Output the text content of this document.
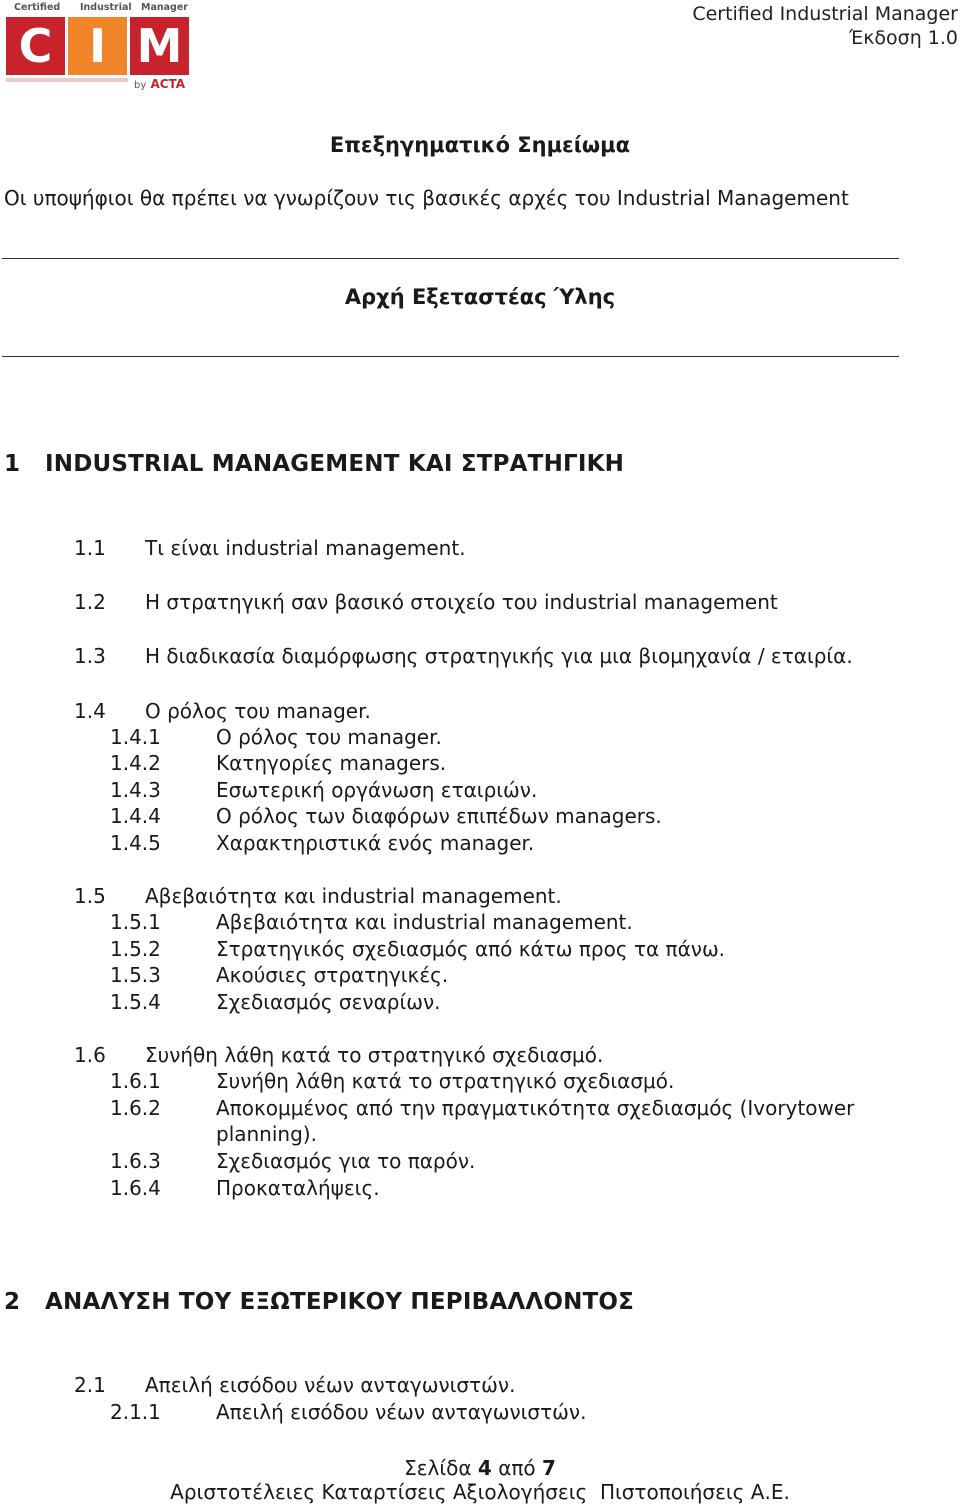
Certified Industrial Manager
C I M
by ACTA
Certified Industrial Manager
Έκδοση 1.0
Επεξηγηματικό Σημείωμα
Οι υποψήφιοι θα πρέπει να γνωρίζουν τις βασικές αρχές του Industrial Management
Αρχή Εξεταστέας Ύλης
1 INDUSTRIAL MANAGEMENT ΚΑΙ ΣΤΡΑΤΗΓΙΚΗ
1.1 Τι είναι industrial management.
1.2 Η στρατηγική σαν βασικό στοιχείο του industrial management
1.3 Η διαδικασία διαμόρφωσης στρατηγικής για μια βιομηχανία / εταιρία.
1.4 Ο ρόλος του manager.
1.4.1	Ο ρόλος του manager.
1.4.2	Κατηγορίες managers.
1.4.3	Εσωτερική οργάνωση εταιριών.
1.4.4	Ο ρόλος των διαφόρων επιπέδων managers.
1.4.5	Χαρακτηριστικά ενός manager.
1.5 Αβεβαιότητα και industrial management.
1.5.1	Αβεβαιότητα και industrial management.
1.5.2	Στρατηγικός σχεδιασμός από κάτω προς τα πάνω.
1.5.3	Ακούσιες στρατηγικές.
1.5.4	Σχεδιασμός σεναρίων.
1.6 Συνήθη λάθη κατά το στρατηγικό σχεδιασμό.
1.6.1	Συνήθη λάθη κατά το στρατηγικό σχεδιασμό.
1.6.2	Αποκομμένος από την πραγματικότητα σχεδιασμός (Ivorytower
planning).
1.6.3	Σχεδιασμός για το παρόν.
1.6.4	Προκαταλήψεις.
2 ΑΝΑΛΥΣΗ ΤΟΥ ΕΞΩΤΕΡΙΚΟΥ ΠΕΡΙΒΑΛΛΟΝΤΟΣ
2.1 Απειλή εισόδου νέων ανταγωνιστών.
2.1.1	Απειλή εισόδου νέων ανταγωνιστών.
Σελίδα 4 από 7
Αριστοτέλειες Καταρτίσεις Αξιολογήσεις  Πιστοποιήσεις Α.Ε.
